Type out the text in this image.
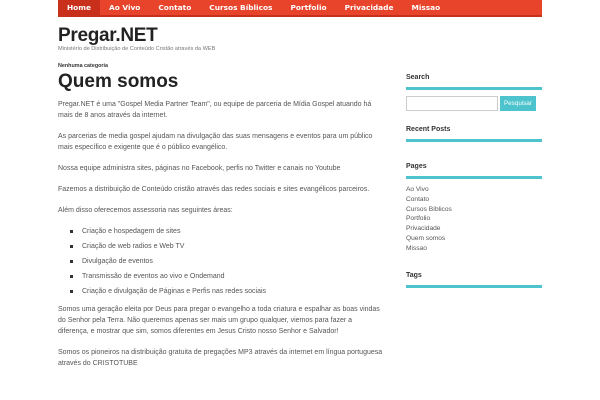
Home	Ao Vivo	Contato	Cursos Bíblicos	Portfolio	Privacidade	Missao
Pregar.NET
Ministério de Distribuição de Conteúdo Cristão através da WEB
Nenhuma categoria
Quem somos

Pregar.NET é uma "Gospel Media Partner Team", ou equipe de parceria de Mídia Gospel atuando há mais de 8 anos através da internet.

As parcerias de media gospel ajudam na divulgação das suas mensagens e eventos para um público mais específico e exigente que é o público evangélico.

Nossa equipe administra sites, páginas no Facebook, perfis no Twitter e canais no Youtube

Fazemos a distribuição de Conteúdo cristão através das redes sociais e sites evangélicos parceiros.

Além disso oferecemos assessoria nas seguintes áreas:

Criação e hospedagem de sites
Criação de web radios e Web TV
Divulgação de eventos
Transmissão de eventos ao vivo e Ondemand
Criação e divulgação de Páginas e Perfis nas redes sociais

Somos uma geração eleita por Deus para pregar o evangelho a toda criatura e espalhar as boas vindas do Senhor pela Terra. Não queremos apenas ser mais um grupo qualquer, viemos para fazer a diferença, e mostrar que sim, somos diferentes em Jesus Cristo nosso Senhor e Salvador!

Somos os pioneiros na distribuição gratuita de pregações MP3 através da internet em língua portuguesa através do CRISTOTUBE

Search
Pesquisar
Recent Posts
Pages
Ao Vivo
Contato
Cursos Bíblicos
Portfolio
Privacidade
Quem somos
Missao
Tags
